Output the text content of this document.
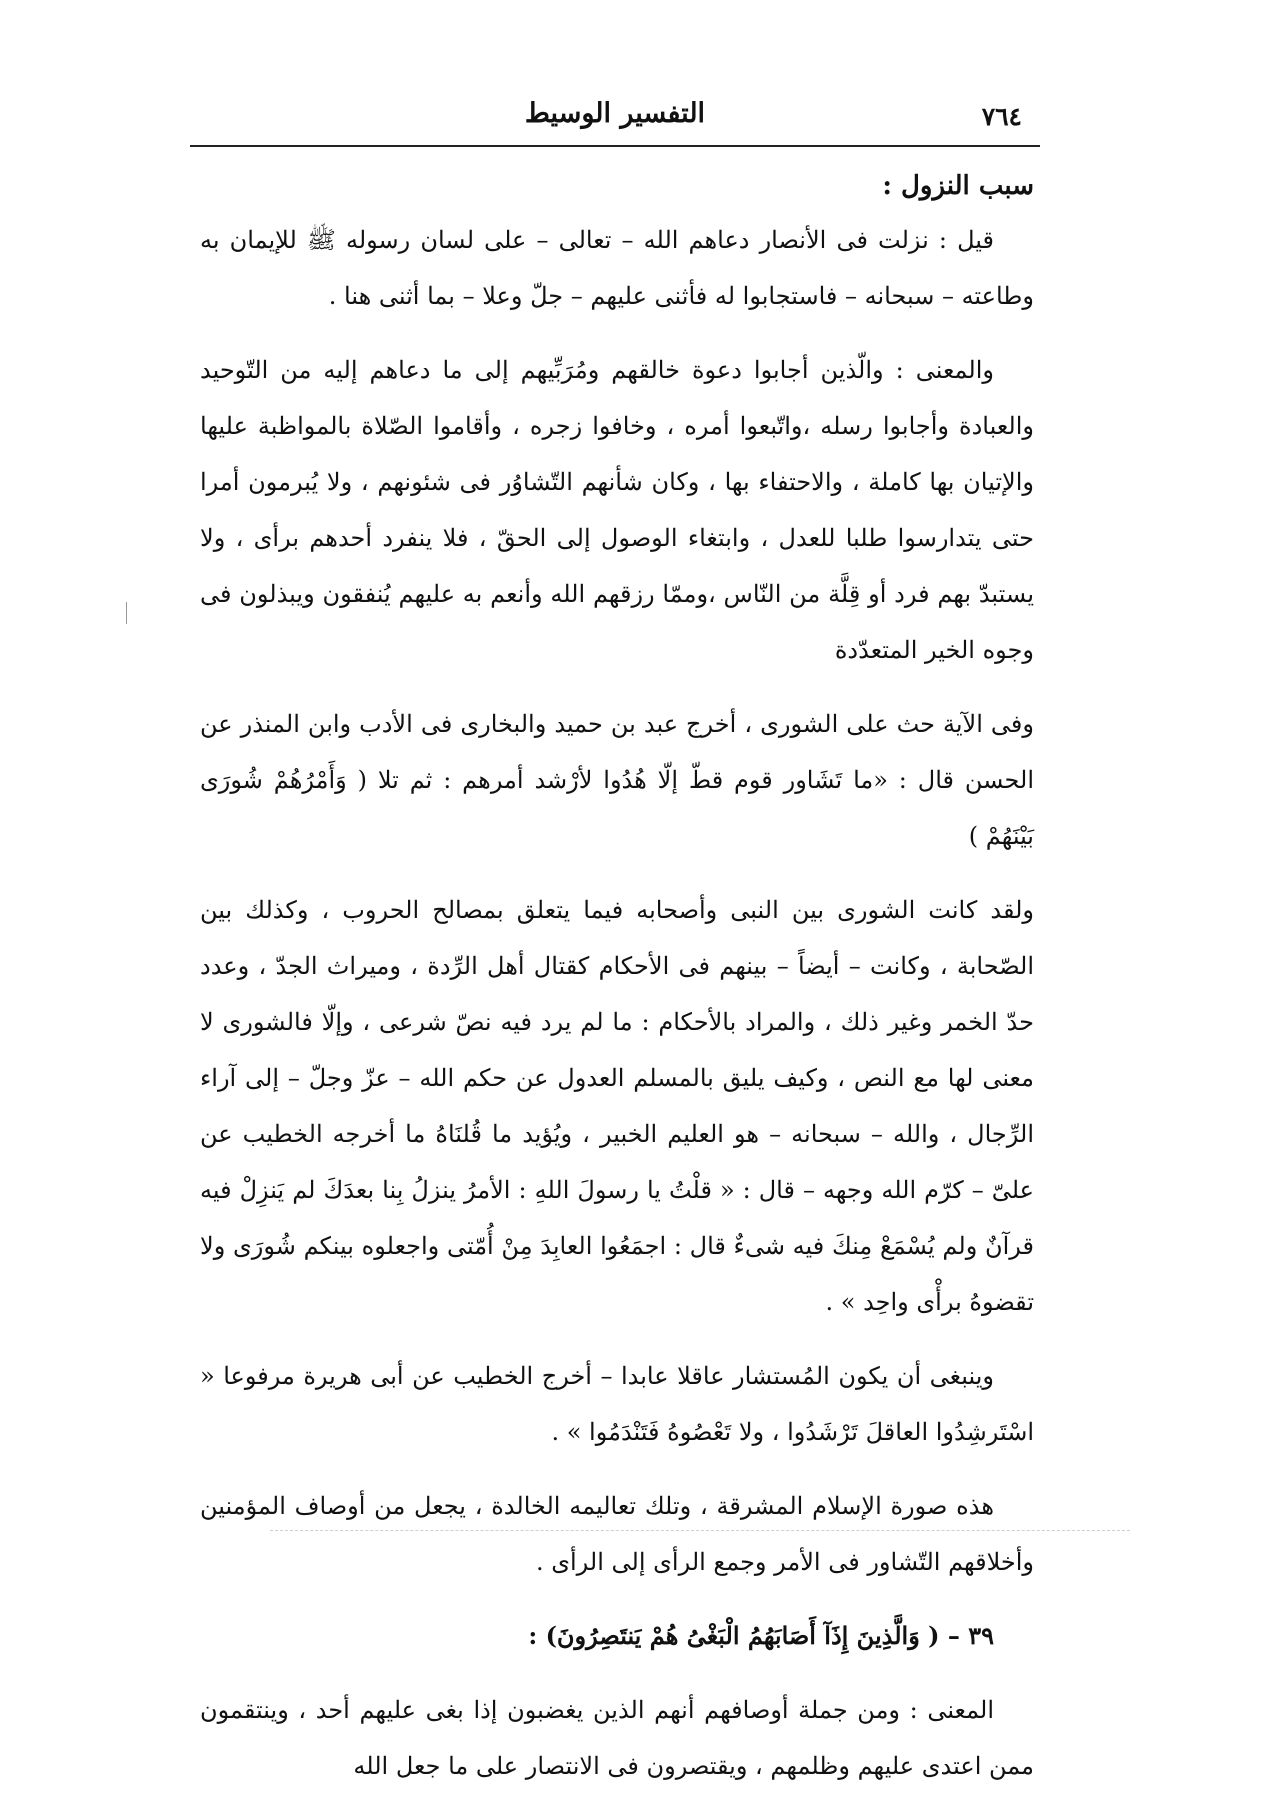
٧٦٤
التفسير الوسيط

سبب النزول :

قيل : نزلت فى الأنصار دعاهم الله – تعالى – على لسان رسوله ﷺ للإيمان به وطاعته – سبحانه – فاستجابوا له فأثنى عليهم – جلّ وعلا – بما أثنى هنا .

والمعنى : والّذين أجابوا دعوة خالقهم ومُرَبِّيهم إلى ما دعاهم إليه من التّوحيد والعبادة وأجابوا رسله ،واتّبعوا أمره ، وخافوا زجره ، وأقاموا الصّلاة بالمواظبة عليها والإتيان بها كاملة ، والاحتفاء بها ، وكان شأنهم التّشاوُر فى شئونهم ، ولا يُبرمون أمرا حتى يتدارسوا طلبا للعدل ، وابتغاء الوصول إلى الحقّ ، فلا ينفرد أحدهم برأى ، ولا يستبدّ بهم فرد أو قِلَّة من النّاس ،وممّا رزقهم الله وأنعم به عليهم يُنفقون ويبذلون فى وجوه الخير المتعدّدة

وفى الآية حث على الشورى ، أخرج عبد بن حميد والبخارى فى الأدب وابن المنذر عن الحسن قال : «ما تَشَاور قوم قطّ إلّا هُدُوا لأرْشد أمرهم : ثم تلا ( وَأَمْرُهُمْ شُورَى بَيْنَهُمْ )

ولقد كانت الشورى بين النبى وأصحابه فيما يتعلق بمصالح الحروب ، وكذلك بين الصّحابة ، وكانت – أيضاً – بينهم فى الأحكام كقتال أهل الرِّدة ، وميراث الجدّ ، وعدد حدّ الخمر وغير ذلك ، والمراد بالأحكام : ما لم يرد فيه نصّ شرعى ، وإلّا فالشورى لا معنى لها مع النص ، وكيف يليق بالمسلم العدول عن حكم الله – عزّ وجلّ – إلى آراء الرِّجال ، والله – سبحانه – هو العليم الخبير ، ويُؤيد ما قُلنَاهُ ما أخرجه الخطيب عن علىّ – كرّم الله وجهه – قال : « قلْتُ يا رسولَ اللهِ : الأمرُ ينزلُ بِنا بعدَكَ لم يَنزِلْ فيه قرآنٌ ولم يُسْمَعْ مِنكَ فيه شىءٌ قال : اجمَعُوا العابِدَ مِنْ أُمّتى واجعلوه بينكم شُورَى ولا تقضوهُ برأْى واحِد » .

وينبغى أن يكون المُستشار عاقلا عابدا – أخرج الخطيب عن أبى هريرة مرفوعا « اسْتَرشِدُوا العاقلَ تَرْشَدُوا ، ولا تَعْصُوهُ فَتَنْدَمُوا » .

هذه صورة الإسلام المشرقة ، وتلك تعاليمه الخالدة ، يجعل من أوصاف المؤمنين وأخلاقهم التّشاور فى الأمر وجمع الرأى إلى الرأى .

٣٩ – ( وَالَّذِينَ إِذَآ أَصَابَهُمُ الْبَغْىُ هُمْ يَنتَصِرُونَ) :

المعنى : ومن جملة أوصافهم أنهم الذين يغضبون إذا بغى عليهم أحد ، وينتقمون ممن اعتدى عليهم وظلمهم ، ويقتصرون فى الانتصار على ما جعل الله
